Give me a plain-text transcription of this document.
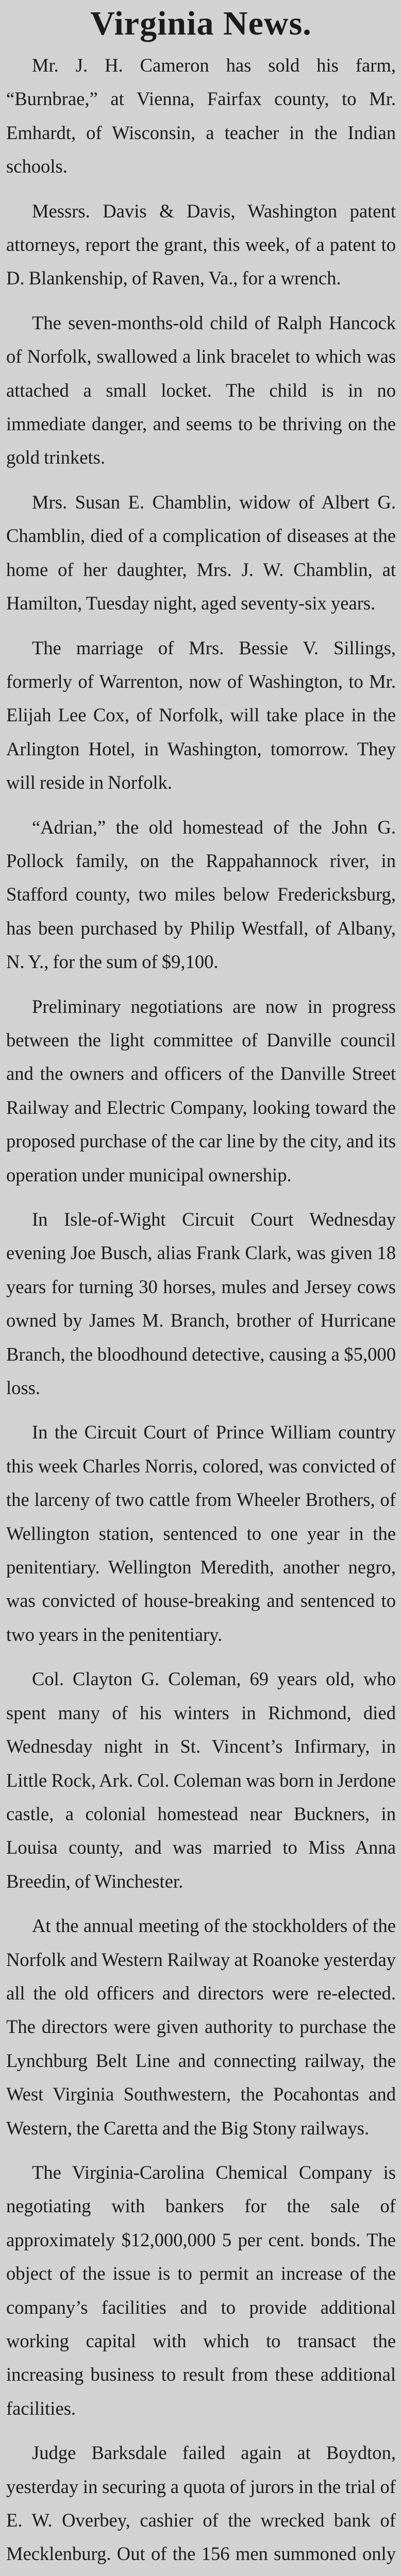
Virginia News.

Mr. J. H. Cameron has sold his farm, “Burnbrae,” at Vienna, Fairfax county, to Mr. Emhardt, of Wisconsin, a teacher in the Indian schools.

Messrs. Davis & Davis, Washington patent attorneys, report the grant, this week, of a patent to D. Blankenship, of Raven, Va., for a wrench.

The seven-months-old child of Ralph Hancock of Norfolk, swallowed a link bracelet to which was attached a small locket. The child is in no immediate danger, and seems to be thriving on the gold trinkets.

Mrs. Susan E. Chamblin, widow of Albert G. Chamblin, died of a complication of diseases at the home of her daughter, Mrs. J. W. Chamblin, at Hamilton, Tuesday night, aged seventy-six years.

The marriage of Mrs. Bessie V. Sillings, formerly of Warrenton, now of Washington, to Mr. Elijah Lee Cox, of Norfolk, will take place in the Arlington Hotel, in Washington, tomorrow. They will reside in Norfolk.

“Adrian,” the old homestead of the John G. Pollock family, on the Rappahannock river, in Stafford county, two miles below Fredericksburg, has been purchased by Philip Westfall, of Albany, N. Y., for the sum of $9,100.

Preliminary negotiations are now in progress between the light committee of Danville council and the owners and officers of the Danville Street Railway and Electric Company, looking toward the proposed purchase of the car line by the city, and its operation under municipal ownership.

In Isle-of-Wight Circuit Court Wednesday evening Joe Busch, alias Frank Clark, was given 18 years for turning 30 horses, mules and Jersey cows owned by James M. Branch, brother of Hurricane Branch, the bloodhound detective, causing a $5,000 loss.

In the Circuit Court of Prince William country this week Charles Norris, colored, was convicted of the larceny of two cattle from Wheeler Brothers, of Wellington station, sentenced to one year in the penitentiary. Wellington Meredith, another negro, was convicted of house-breaking and sentenced to two years in the penitentiary.

Col. Clayton G. Coleman, 69 years old, who spent many of his winters in Richmond, died Wednesday night in St. Vincent’s Infirmary, in Little Rock, Ark. Col. Coleman was born in Jerdone castle, a colonial homestead near Buckners, in Louisa county, and was married to Miss Anna Breedin, of Winchester.

At the annual meeting of the stockholders of the Norfolk and Western Railway at Roanoke yesterday all the old officers and directors were re-elected. The directors were given authority to purchase the Lynchburg Belt Line and connecting railway, the West Virginia Southwestern, the Pocahontas and Western, the Caretta and the Big Stony railways.

The Virginia-Carolina Chemical Company is negotiating with bankers for the sale of approximately $12,000,000 5 per cent. bonds. The object of the issue is to permit an increase of the company’s facilities and to provide additional working capital with which to transact the increasing business to result from these additional facilities.

Judge Barksdale failed again at Boydton, yesterday in securing a quota of jurors in the trial of E. W. Overbey, cashier of the wrecked bank of Mecklenburg. Out of the 156 men summoned only
